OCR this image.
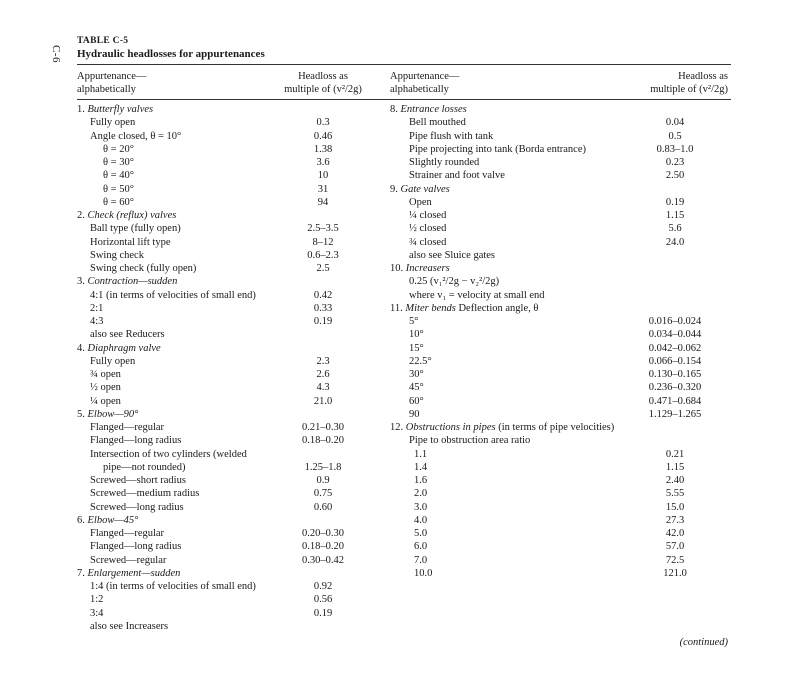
C-6
TABLE C-5
Hydraulic headlosses for appurtenances
Appurtenance—
alphabetically
Headloss as
multiple of (v²/2g)
Appurtenance—
alphabetically
Headloss as
multiple of (v²/2g)
1. Butterfly valves
Fully open	0.3
Angle closed, θ = 10°	0.46
θ = 20°	1.38
θ = 30°	3.6
θ = 40°	10
θ = 50°	31
θ = 60°	94
2. Check (reflux) valves
Ball type (fully open)	2.5–3.5
Horizontal lift type	8–12
Swing check	0.6–2.3
Swing check (fully open)	2.5
3. Contraction—sudden
4:1 (in terms of velocities of small end)	0.42
2:1	0.33
4:3	0.19
also see Reducers
4. Diaphragm valve
Fully open	2.3
¾ open	2.6
½ open	4.3
¼ open	21.0
5. Elbow—90°
Flanged—regular	0.21–0.30
Flanged—long radius	0.18–0.20
Intersection of two cylinders (welded
pipe—not rounded)	1.25–1.8
Screwed—short radius	0.9
Screwed—medium radius	0.75
Screwed—long radius	0.60
6. Elbow—45°
Flanged—regular	0.20–0.30
Flanged—long radius	0.18–0.20
Screwed—regular	0.30–0.42
7. Enlargement—sudden
1:4 (in terms of velocities of small end)	0.92
1:2	0.56
3:4	0.19
also see Increasers
8. Entrance losses
Bell mouthed	0.04
Pipe flush with tank	0.5
Pipe projecting into tank (Borda entrance)	0.83–1.0
Slightly rounded	0.23
Strainer and foot valve	2.50
9. Gate valves
Open	0.19
¼ closed	1.15
½ closed	5.6
¾ closed	24.0
also see Sluice gates
10. Increasers
0.25 (v₁²/2g − v₂²/2g)
where v₁ = velocity at small end
11. Miter bends Deflection angle, θ
5°	0.016–0.024
10°	0.034–0.044
15°	0.042–0.062
22.5°	0.066–0.154
30°	0.130–0.165
45°	0.236–0.320
60°	0.471–0.684
90	1.129–1.265
12. Obstructions in pipes (in terms of pipe velocities)
Pipe to obstruction area ratio
1.1	0.21
1.4	1.15
1.6	2.40
2.0	5.55
3.0	15.0
4.0	27.3
5.0	42.0
6.0	57.0
7.0	72.5
10.0	121.0
(continued)
